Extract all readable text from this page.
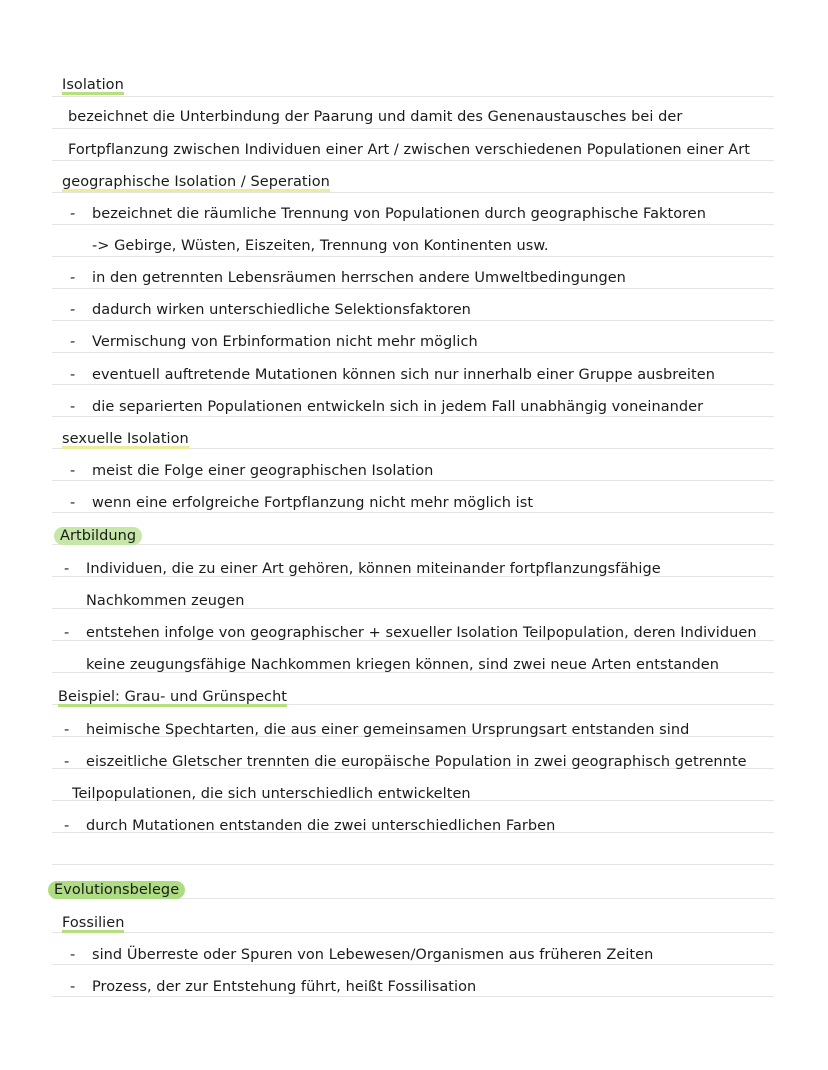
Isolation
bezeichnet die Unterbindung der Paarung und damit des Genenaustausches bei der
Fortpflanzung zwischen Individuen einer Art / zwischen verschiedenen Populationen einer Art
geographische Isolation / Seperation
- bezeichnet die räumliche Trennung von Populationen durch geographische Faktoren
-> Gebirge, Wüsten, Eiszeiten, Trennung von Kontinenten usw.
- in den getrennten Lebensräumen herrschen andere Umweltbedingungen
- dadurch wirken unterschiedliche Selektionsfaktoren
- Vermischung von Erbinformation nicht mehr möglich
- eventuell auftretende Mutationen können sich nur innerhalb einer Gruppe ausbreiten
- die separierten Populationen entwickeln sich in jedem Fall unabhängig voneinander
sexuelle Isolation
- meist die Folge einer geographischen Isolation
- wenn eine erfolgreiche Fortpflanzung nicht mehr möglich ist
Artbildung
- Individuen, die zu einer Art gehören, können miteinander fortpflanzungsfähige
Nachkommen zeugen
- entstehen infolge von geographischer + sexueller Isolation Teilpopulation, deren Individuen
keine zeugungsfähige Nachkommen kriegen können, sind zwei neue Arten entstanden
Beispiel: Grau- und Grünspecht
- heimische Spechtarten, die aus einer gemeinsamen Ursprungsart entstanden sind
- eiszeitliche Gletscher trennten die europäische Population in zwei geographisch getrennte
Teilpopulationen, die sich unterschiedlich entwickelten
- durch Mutationen entstanden die zwei unterschiedlichen Farben
Evolutionsbelege
Fossilien
- sind Überreste oder Spuren von Lebewesen/Organismen aus früheren Zeiten
- Prozess, der zur Entstehung führt, heißt Fossilisation
